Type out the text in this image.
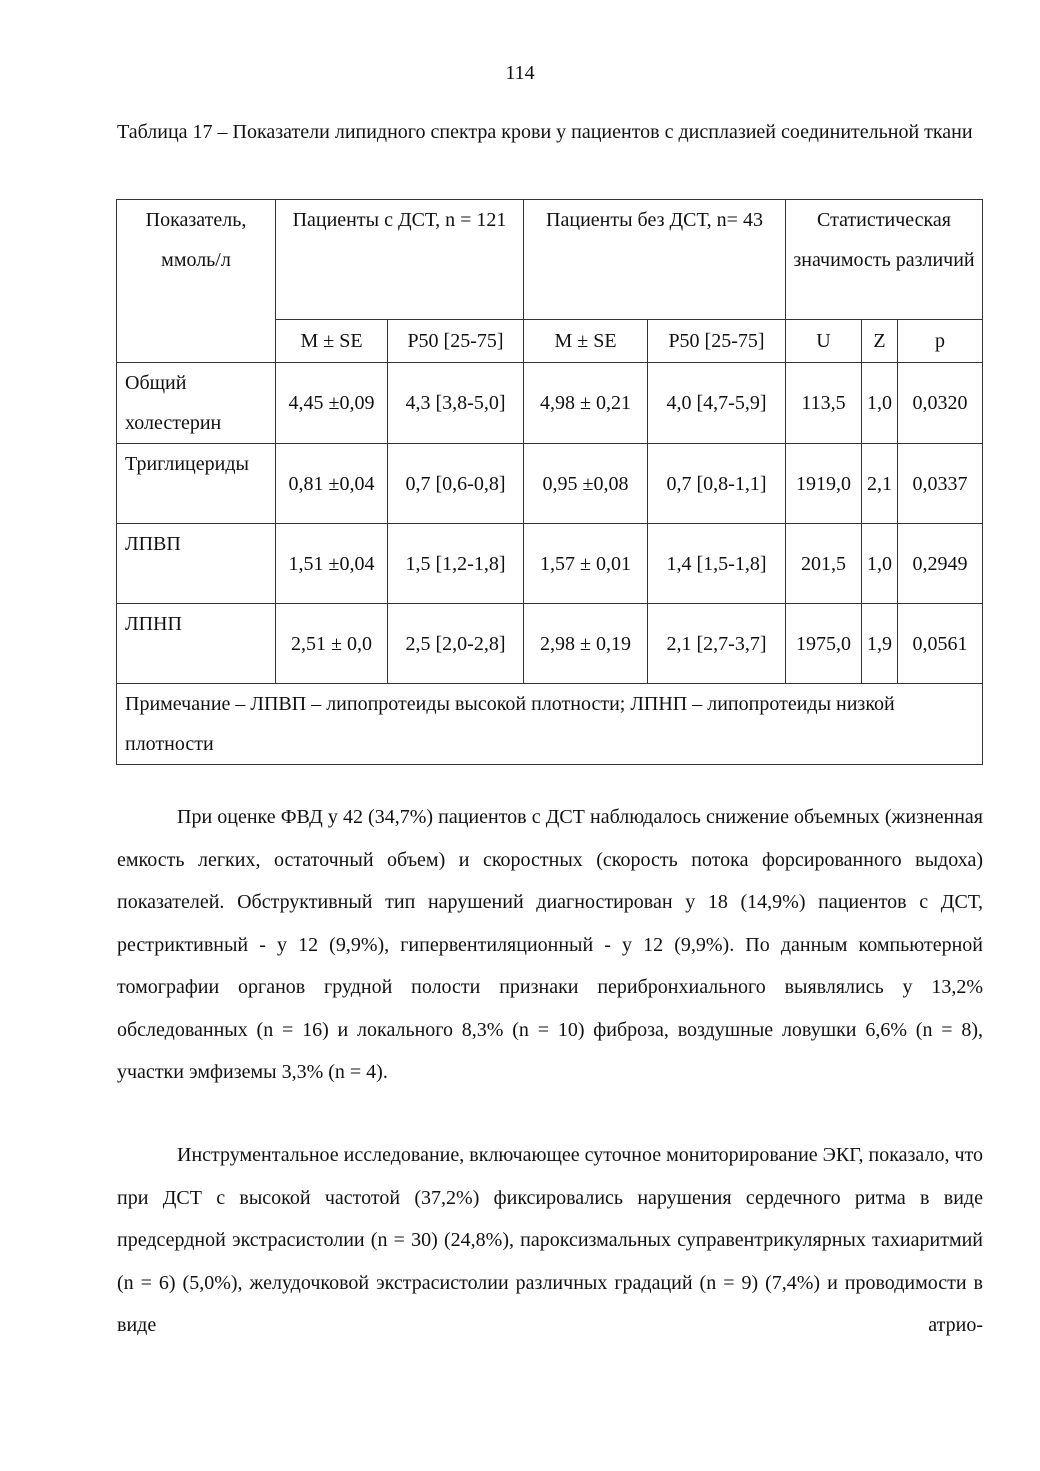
114
Таблица 17 – Показатели липидного спектра крови у пациентов с дисплазией соединительной ткани
Показатель, ммоль/л	Пациенты с ДСТ, n = 121		Пациенты без ДСТ, n= 43		Статистическая значимость различий		
	M ± SE	P50 [25-75]	M ± SE	P50 [25-75]	U	Z	p
Общий холестерин	4,45 ±0,09	4,3 [3,8-5,0]	4,98 ± 0,21	4,0 [4,7-5,9]	113,5	1,0	0,0320
Триглицериды	0,81 ±0,04	0,7 [0,6-0,8]	0,95 ±0,08	0,7 [0,8-1,1]	1919,0	2,1	0,0337
ЛПВП	1,51 ±0,04	1,5 [1,2-1,8]	1,57 ± 0,01	1,4 [1,5-1,8]	201,5	1,0	0,2949
ЛПНП	2,51 ± 0,0	2,5 [2,0-2,8]	2,98 ± 0,19	2,1 [2,7-3,7]	1975,0	1,9	0,0561
Примечание – ЛПВП – липопротеиды высокой плотности; ЛПНП – липопротеиды низкой плотности							

При оценке ФВД у 42 (34,7%) пациентов с ДСТ наблюдалось снижение объемных (жизненная емкость легких, остаточный объем) и скоростных (скорость потока форсированного выдоха) показателей. Обструктивный тип нарушений диагностирован у 18 (14,9%) пациентов с ДСТ, рестриктивный - у 12 (9,9%), гипервентиляционный - у 12 (9,9%). По данным компьютерной томографии органов грудной полости признаки перибронхиального выявлялись у 13,2% обследованных (n = 16) и локального 8,3% (n = 10) фиброза, воздушные ловушки 6,6% (n = 8), участки эмфиземы 3,3% (n = 4).

Инструментальное исследование, включающее суточное мониторирование ЭКГ, показало, что при ДСТ с высокой частотой (37,2%) фиксировались нарушения сердечного ритма в виде предсердной экстрасистолии (n = 30) (24,8%), пароксизмальных суправентрикулярных тахиаритмий (n = 6) (5,0%), желудочковой экстрасистолии различных градаций (n = 9) (7,4%) и проводимости в виде атрио-
